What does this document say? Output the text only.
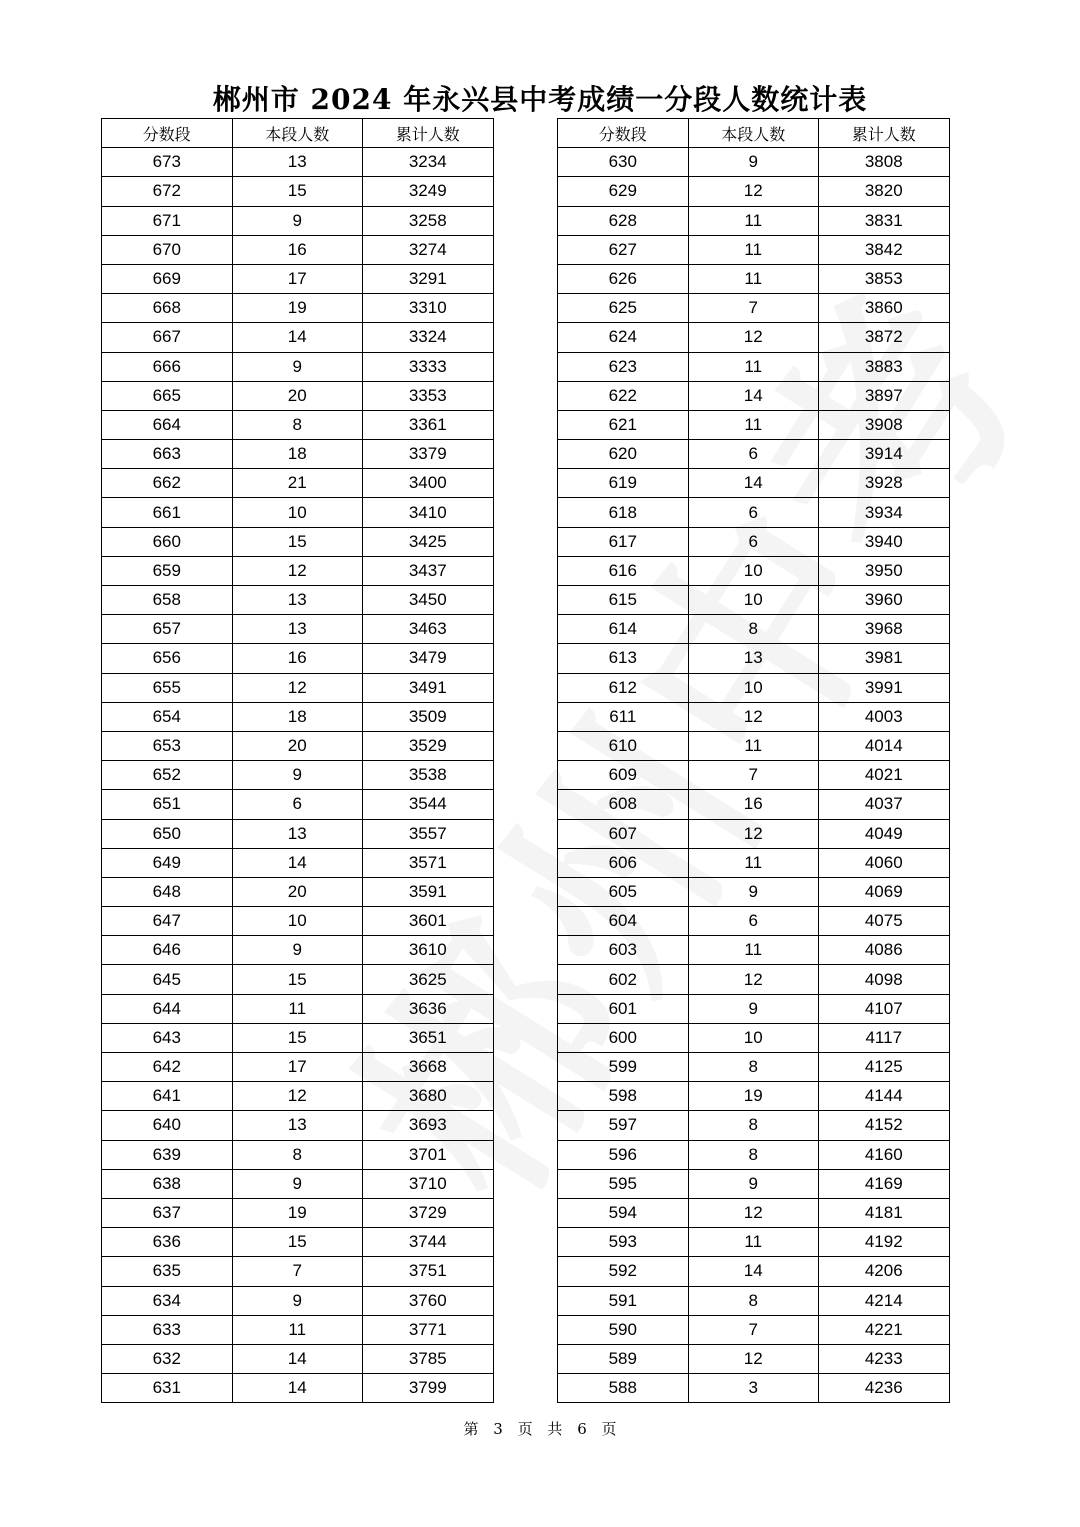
郴州市 2024 年永兴县中考成绩一分段人数统计表
分数段	本段人数	累计人数
673	13	3234
672	15	3249
671	9	3258
670	16	3274
669	17	3291
668	19	3310
667	14	3324
666	9	3333
665	20	3353
664	8	3361
663	18	3379
662	21	3400
661	10	3410
660	15	3425
659	12	3437
658	13	3450
657	13	3463
656	16	3479
655	12	3491
654	18	3509
653	20	3529
652	9	3538
651	6	3544
650	13	3557
649	14	3571
648	20	3591
647	10	3601
646	9	3610
645	15	3625
644	11	3636
643	15	3651
642	17	3668
641	12	3680
640	13	3693
639	8	3701
638	9	3710
637	19	3729
636	15	3744
635	7	3751
634	9	3760
633	11	3771
632	14	3785
631	14	3799
分数段	本段人数	累计人数
630	9	3808
629	12	3820
628	11	3831
627	11	3842
626	11	3853
625	7	3860
624	12	3872
623	11	3883
622	14	3897
621	11	3908
620	6	3914
619	14	3928
618	6	3934
617	6	3940
616	10	3950
615	10	3960
614	8	3968
613	13	3981
612	10	3991
611	12	4003
610	11	4014
609	7	4021
608	16	4037
607	12	4049
606	11	4060
605	9	4069
604	6	4075
603	11	4086
602	12	4098
601	9	4107
600	10	4117
599	8	4125
598	19	4144
597	8	4152
596	8	4160
595	9	4169
594	12	4181
593	11	4192
592	14	4206
591	8	4214
590	7	4221
589	12	4233
588	3	4236
第 3 页 共 6 页
